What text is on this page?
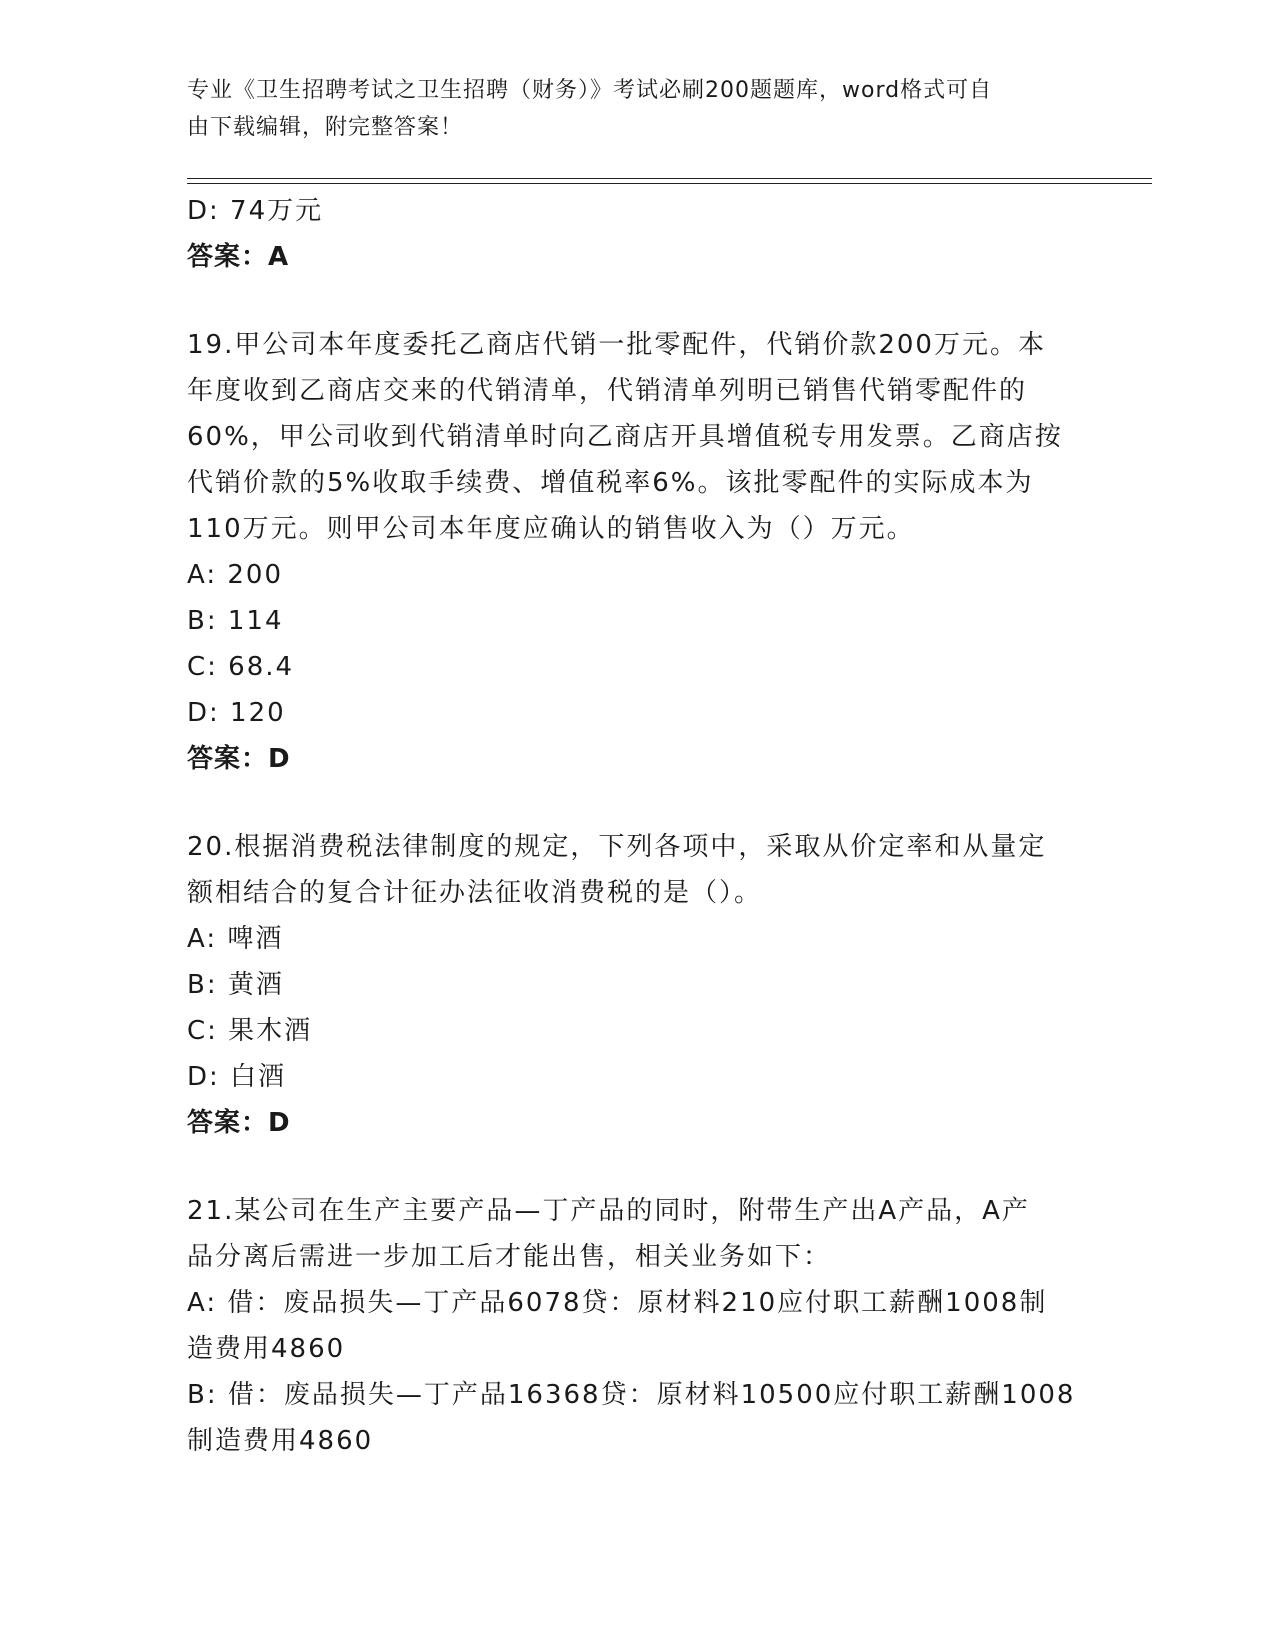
专业《卫生招聘考试之卫生招聘（财务）》考试必刷200题题库，word格式可自
由下载编辑，附完整答案！
D: 74万元
答案：A
19.甲公司本年度委托乙商店代销一批零配件，代销价款200万元。本
年度收到乙商店交来的代销清单，代销清单列明已销售代销零配件的
60%，甲公司收到代销清单时向乙商店开具增值税专用发票。乙商店按
代销价款的5%收取手续费、增值税率6%。该批零配件的实际成本为
110万元。则甲公司本年度应确认的销售收入为（）万元。
A: 200
B: 114
C: 68.4
D: 120
答案：D
20.根据消费税法律制度的规定，下列各项中，采取从价定率和从量定
额相结合的复合计征办法征收消费税的是（）。
A: 啤酒
B: 黄酒
C: 果木酒
D: 白酒
答案：D
21.某公司在生产主要产品—丁产品的同时，附带生产出A产品，A产
品分离后需进一步加工后才能出售，相关业务如下：
A: 借：废品损失—丁产品6078贷：原材料210应付职工薪酬1008制
造费用4860
B: 借：废品损失—丁产品16368贷：原材料10500应付职工薪酬1008
制造费用4860
